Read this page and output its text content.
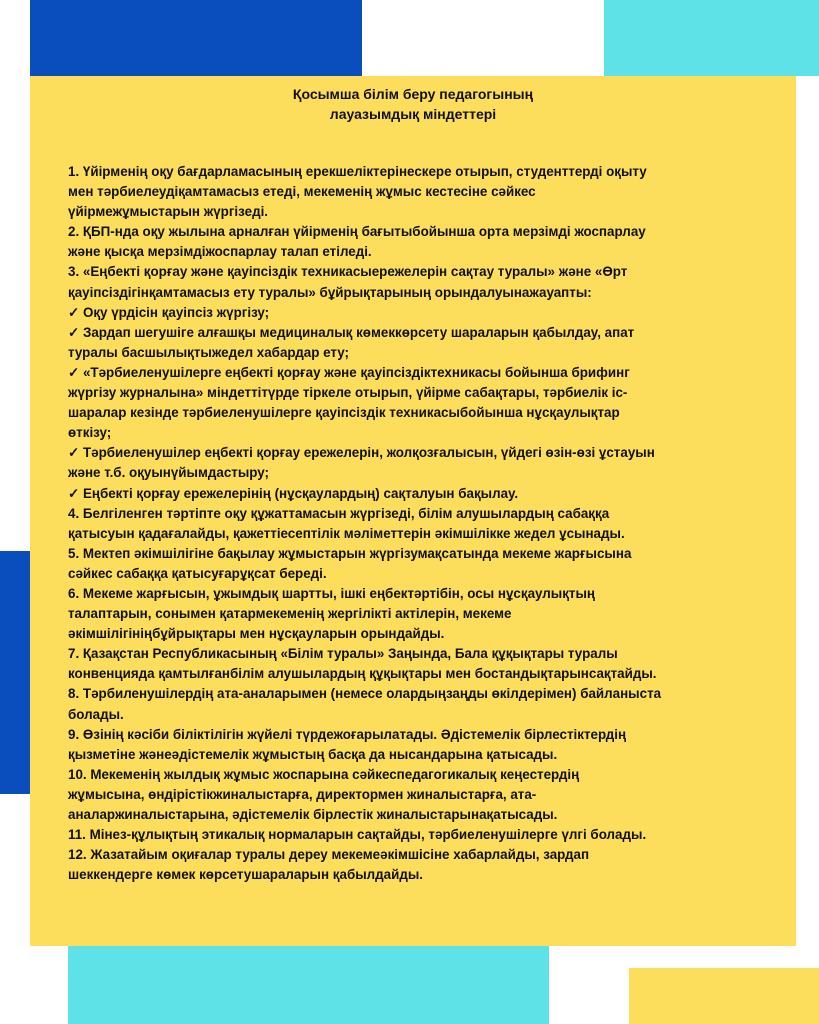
Қосымша білім беру педагогының
лауазымдық міндеттері
1. Үйірменің оқу бағдарламасының ерекшеліктерінескере отырып, студенттерді оқыту
мен тәрбиелеудіқамтамасыз етеді, мекеменің жұмыс кестесіне сәйкес
үйірмежұмыстарын жүргізеді.
2. ҚБП-нда оқу жылына арналған үйірменің бағытыбойынша орта мерзімді жоспарлау
және қысқа мерзімдіжоспарлау талап етіледі.
3. «Еңбекті қорғау және қауіпсіздік техникасыережелерін сақтау туралы» және «Өрт
қауіпсіздігінқамтамасыз ету туралы» бұйрықтарының орындалуынажауапты:
✓ Оқу үрдісін қауіпсіз жүргізу;
✓ Зардап шегушіге алғашқы медициналық көмеккөрсету шараларын қабылдау, апат
туралы басшылықтыжедел хабардар ету;
✓ «Тәрбиеленушілерге еңбекті қорғау және қауіпсіздіктехникасы бойынша брифинг
жүргізу журналына» міндеттітүрде тіркеле отырып, үйірме сабақтары, тәрбиелік іс-
шаралар кезінде тәрбиеленушілерге қауіпсіздік техникасыбойынша нұсқаулықтар
өткізу;
✓ Тәрбиеленушілер еңбекті қорғау ережелерін, жолқозғалысын, үйдегі өзін-өзі ұстауын
және т.б. оқуынүйымдастыру;
✓ Еңбекті қорғау ережелерінің (нұсқаулардың) сақталуын бақылау.
4. Белгіленген тәртіпте оқу құжаттамасын жүргізеді, білім алушылардың сабаққа
қатысуын қадағалайды, қажеттіесептілік мәліметтерін әкімшілікке жедел ұсынады.
5. Мектеп әкімшілігіне бақылау жұмыстарын жүргізумақсатында мекеме жарғысына
сәйкес сабаққа қатысуғарұқсат береді.
6. Мекеме жарғысын, ұжымдық шартты, ішкі еңбектәртібін, осы нұсқаулықтың
талаптарын, сонымен қатармекеменің жергілікті актілерін, мекеме
әкімшілігініңбұйрықтары мен нұсқауларын орындайды.
7. Қазақстан Республикасының «Білім туралы» Заңында, Бала құқықтары туралы
конвенцияда қамтылғанбілім алушылардың құқықтары мен бостандықтарынсақтайды.
8. Тәрбиленушілердің ата-аналарымен (немесе олардыңзаңды өкілдерімен) байланыста
болады.
9. Өзінің кәсіби біліктілігін жүйелі түрдежоғарылатады. Әдістемелік бірлестіктердің
қызметіне жәнеәдістемелік жұмыстың басқа да нысандарына қатысады.
10. Мекеменің жылдық жұмыс жоспарына сәйкеспедагогикалық кеңестердің
жұмысына, өндірістікжиналыстарға, директормен жиналыстарға, ата-
аналаржиналыстарына, әдістемелік бірлестік жиналыстарынақатысады.
11. Мінез-құлықтың этикалық нормаларын сақтайды, тәрбиеленушілерге үлгі болады.
12. Жазатайым оқиғалар туралы дереу мекемеәкімшісіне хабарлайды, зардап
шеккендерге көмек көрсетушараларын қабылдайды.
